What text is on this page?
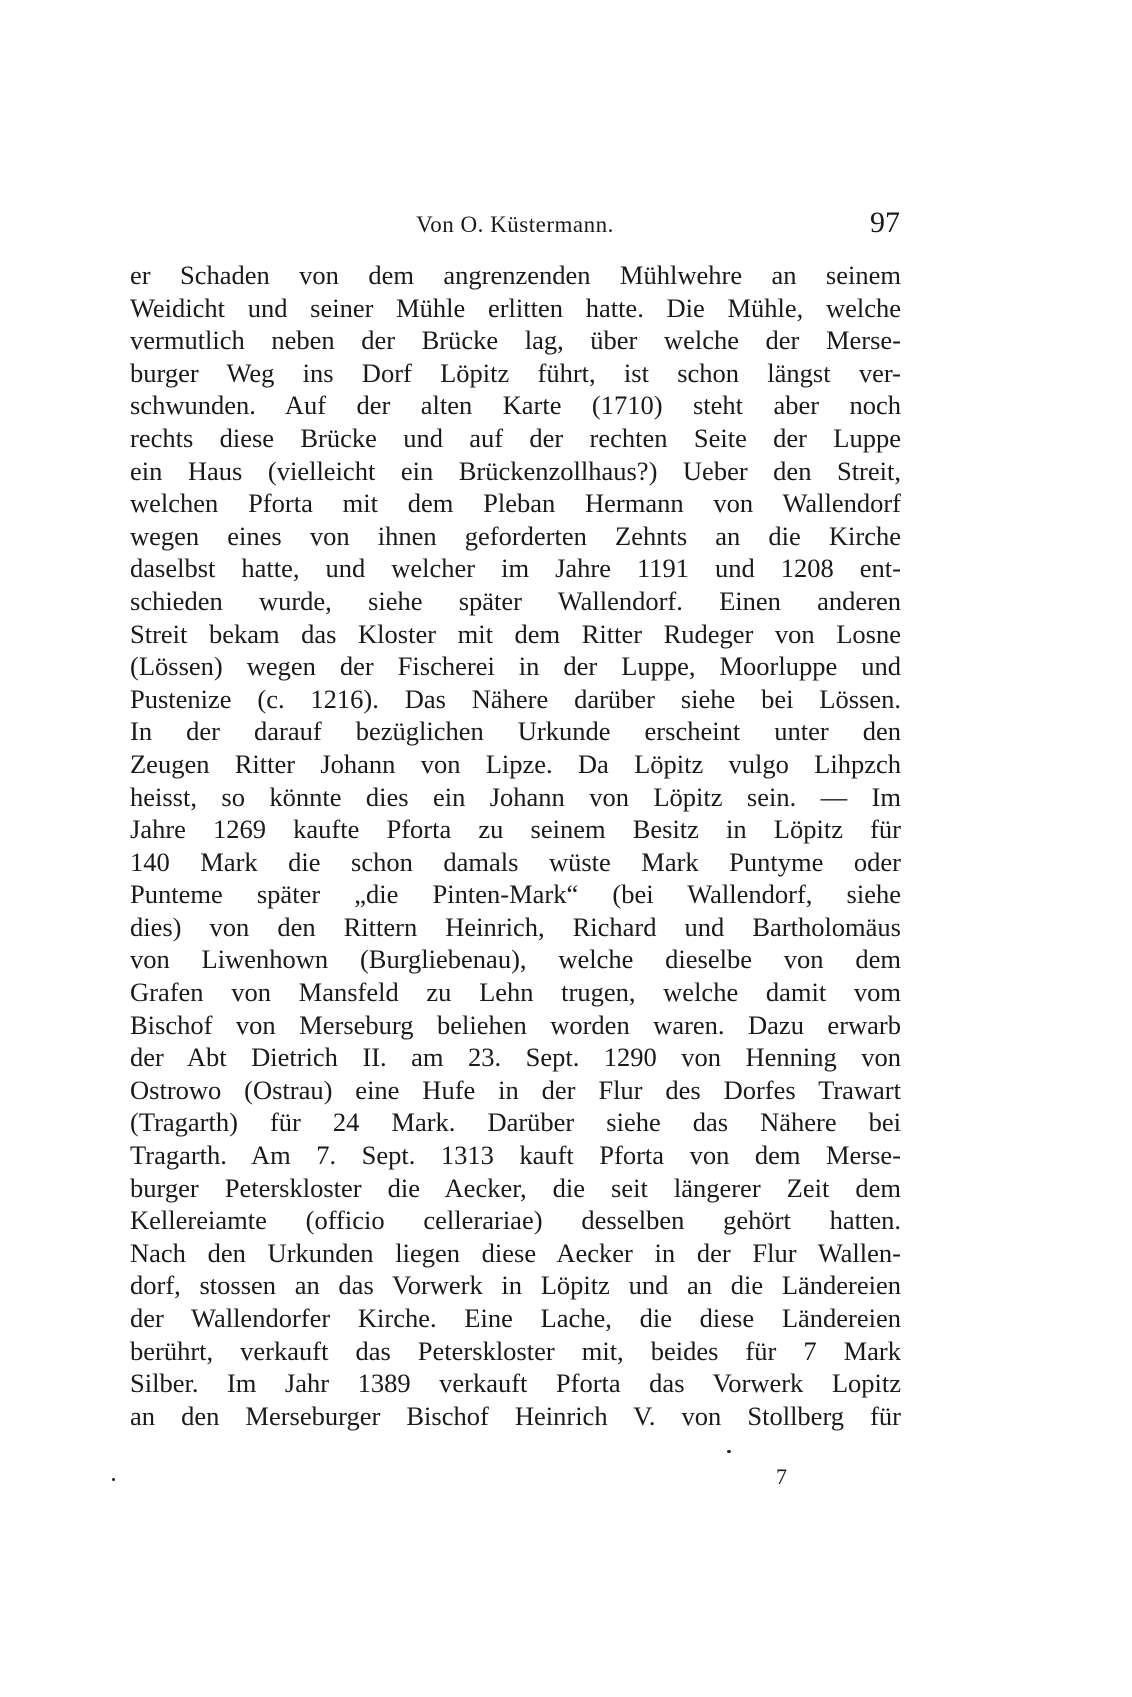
Von O. Küstermann.	97
er Schaden von dem angrenzenden Mühlwehre an seinem
Weidicht und seiner Mühle erlitten hatte. Die Mühle, welche
vermutlich neben der Brücke lag, über welche der Merse-
burger Weg ins Dorf Löpitz führt, ist schon längst ver-
schwunden. Auf der alten Karte (1710) steht aber noch
rechts diese Brücke und auf der rechten Seite der Luppe
ein Haus (vielleicht ein Brückenzollhaus?) Ueber den Streit,
welchen Pforta mit dem Pleban Hermann von Wallendorf
wegen eines von ihnen geforderten Zehnts an die Kirche
daselbst hatte, und welcher im Jahre 1191 und 1208 ent-
schieden wurde, siehe später Wallendorf. Einen anderen
Streit bekam das Kloster mit dem Ritter Rudeger von Losne
(Lössen) wegen der Fischerei in der Luppe, Moorluppe und
Pustenize (c. 1216). Das Nähere darüber siehe bei Lössen.
In der darauf bezüglichen Urkunde erscheint unter den
Zeugen Ritter Johann von Lipze. Da Löpitz vulgo Lihpzch
heisst, so könnte dies ein Johann von Löpitz sein. — Im
Jahre 1269 kaufte Pforta zu seinem Besitz in Löpitz für
140 Mark die schon damals wüste Mark Puntyme oder
Punteme später „die Pinten-Mark“ (bei Wallendorf, siehe
dies) von den Rittern Heinrich, Richard und Bartholomäus
von Liwenhown (Burgliebenau), welche dieselbe von dem
Grafen von Mansfeld zu Lehn trugen, welche damit vom
Bischof von Merseburg beliehen worden waren. Dazu erwarb
der Abt Dietrich II. am 23. Sept. 1290 von Henning von
Ostrowo (Ostrau) eine Hufe in der Flur des Dorfes Trawart
(Tragarth) für 24 Mark. Darüber siehe das Nähere bei
Tragarth. Am 7. Sept. 1313 kauft Pforta von dem Merse-
burger Peterskloster die Aecker, die seit längerer Zeit dem
Kellereiamte (officio cellerariae) desselben gehört hatten.
Nach den Urkunden liegen diese Aecker in der Flur Wallen-
dorf, stossen an das Vorwerk in Löpitz und an die Ländereien
der Wallendorfer Kirche. Eine Lache, die diese Ländereien
berührt, verkauft das Peterskloster mit, beides für 7 Mark
Silber. Im Jahr 1389 verkauft Pforta das Vorwerk Lopitz
an den Merseburger Bischof Heinrich V. von Stollberg für
7
